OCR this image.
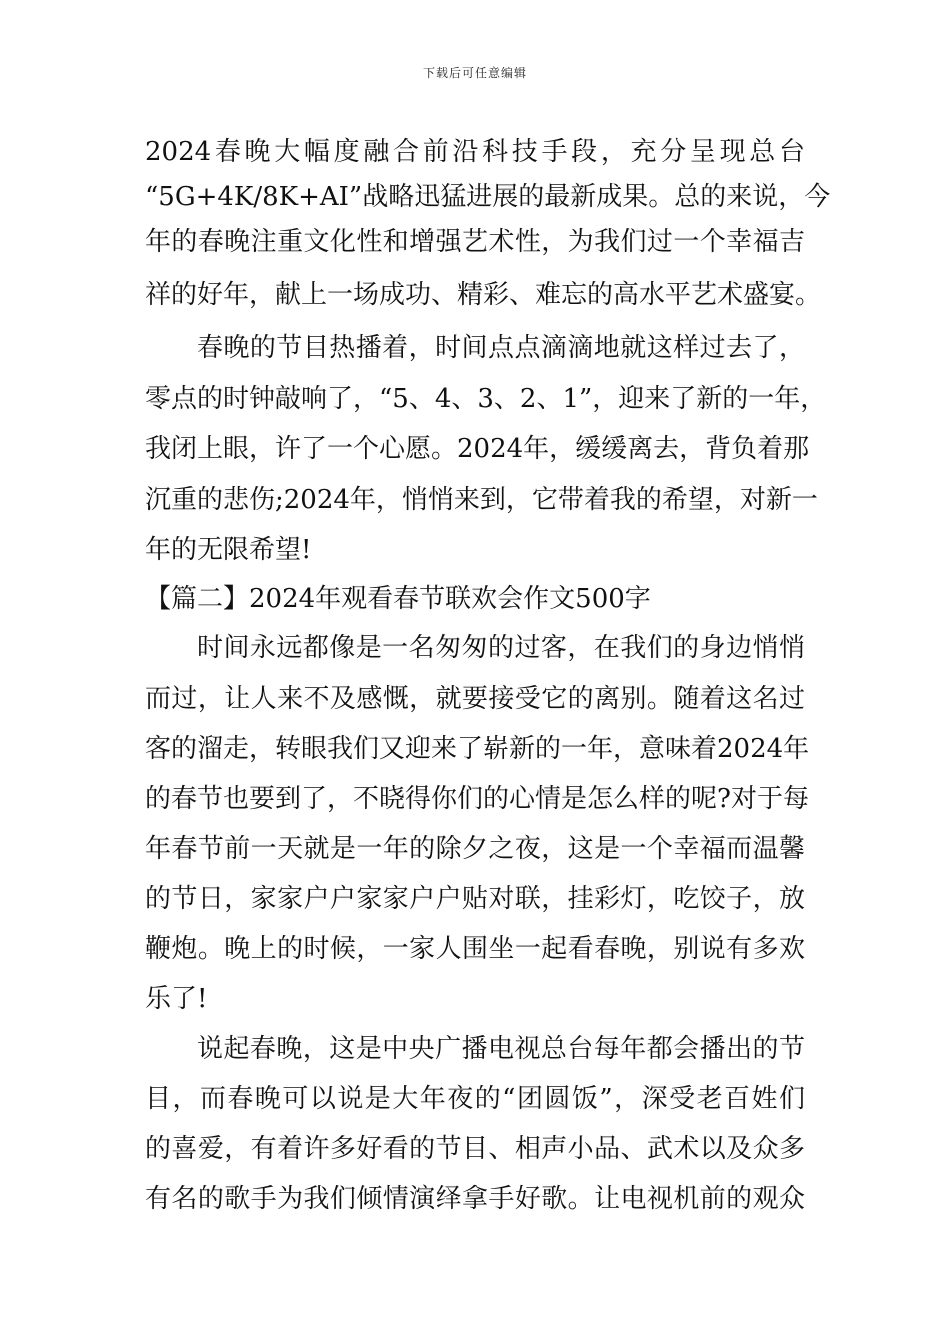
下载后可任意编辑
2024春晚大幅度融合前沿科技手段，充分呈现总台
“5G+4K/8K+AI”战略迅猛进展的最新成果。总的来说，今
年的春晚注重文化性和增强艺术性，为我们过一个幸福吉
祥的好年，献上一场成功、精彩、难忘的高水平艺术盛宴。
春晚的节目热播着，时间点点滴滴地就这样过去了，
零点的时钟敲响了，“5、4、3、2、1”，迎来了新的一年，
我闭上眼，许了一个心愿。2024年，缓缓离去，背负着那
沉重的悲伤;2024年，悄悄来到，它带着我的希望，对新一
年的无限希望!
【篇二】2024年观看春节联欢会作文500字
时间永远都像是一名匆匆的过客，在我们的身边悄悄
而过，让人来不及感慨，就要接受它的离别。随着这名过
客的溜走，转眼我们又迎来了崭新的一年，意味着2024年
的春节也要到了，不晓得你们的心情是怎么样的呢?对于每
年春节前一天就是一年的除夕之夜，这是一个幸福而温馨
的节日，家家户户家家户户贴对联，挂彩灯，吃饺子，放
鞭炮。晚上的时候，一家人围坐一起看春晚，别说有多欢
乐了!
说起春晚，这是中央广播电视总台每年都会播出的节
目，而春晚可以说是大年夜的“团圆饭”，深受老百姓们
的喜爱，有着许多好看的节目、相声小品、武术以及众多
有名的歌手为我们倾情演绎拿手好歌。让电视机前的观众
